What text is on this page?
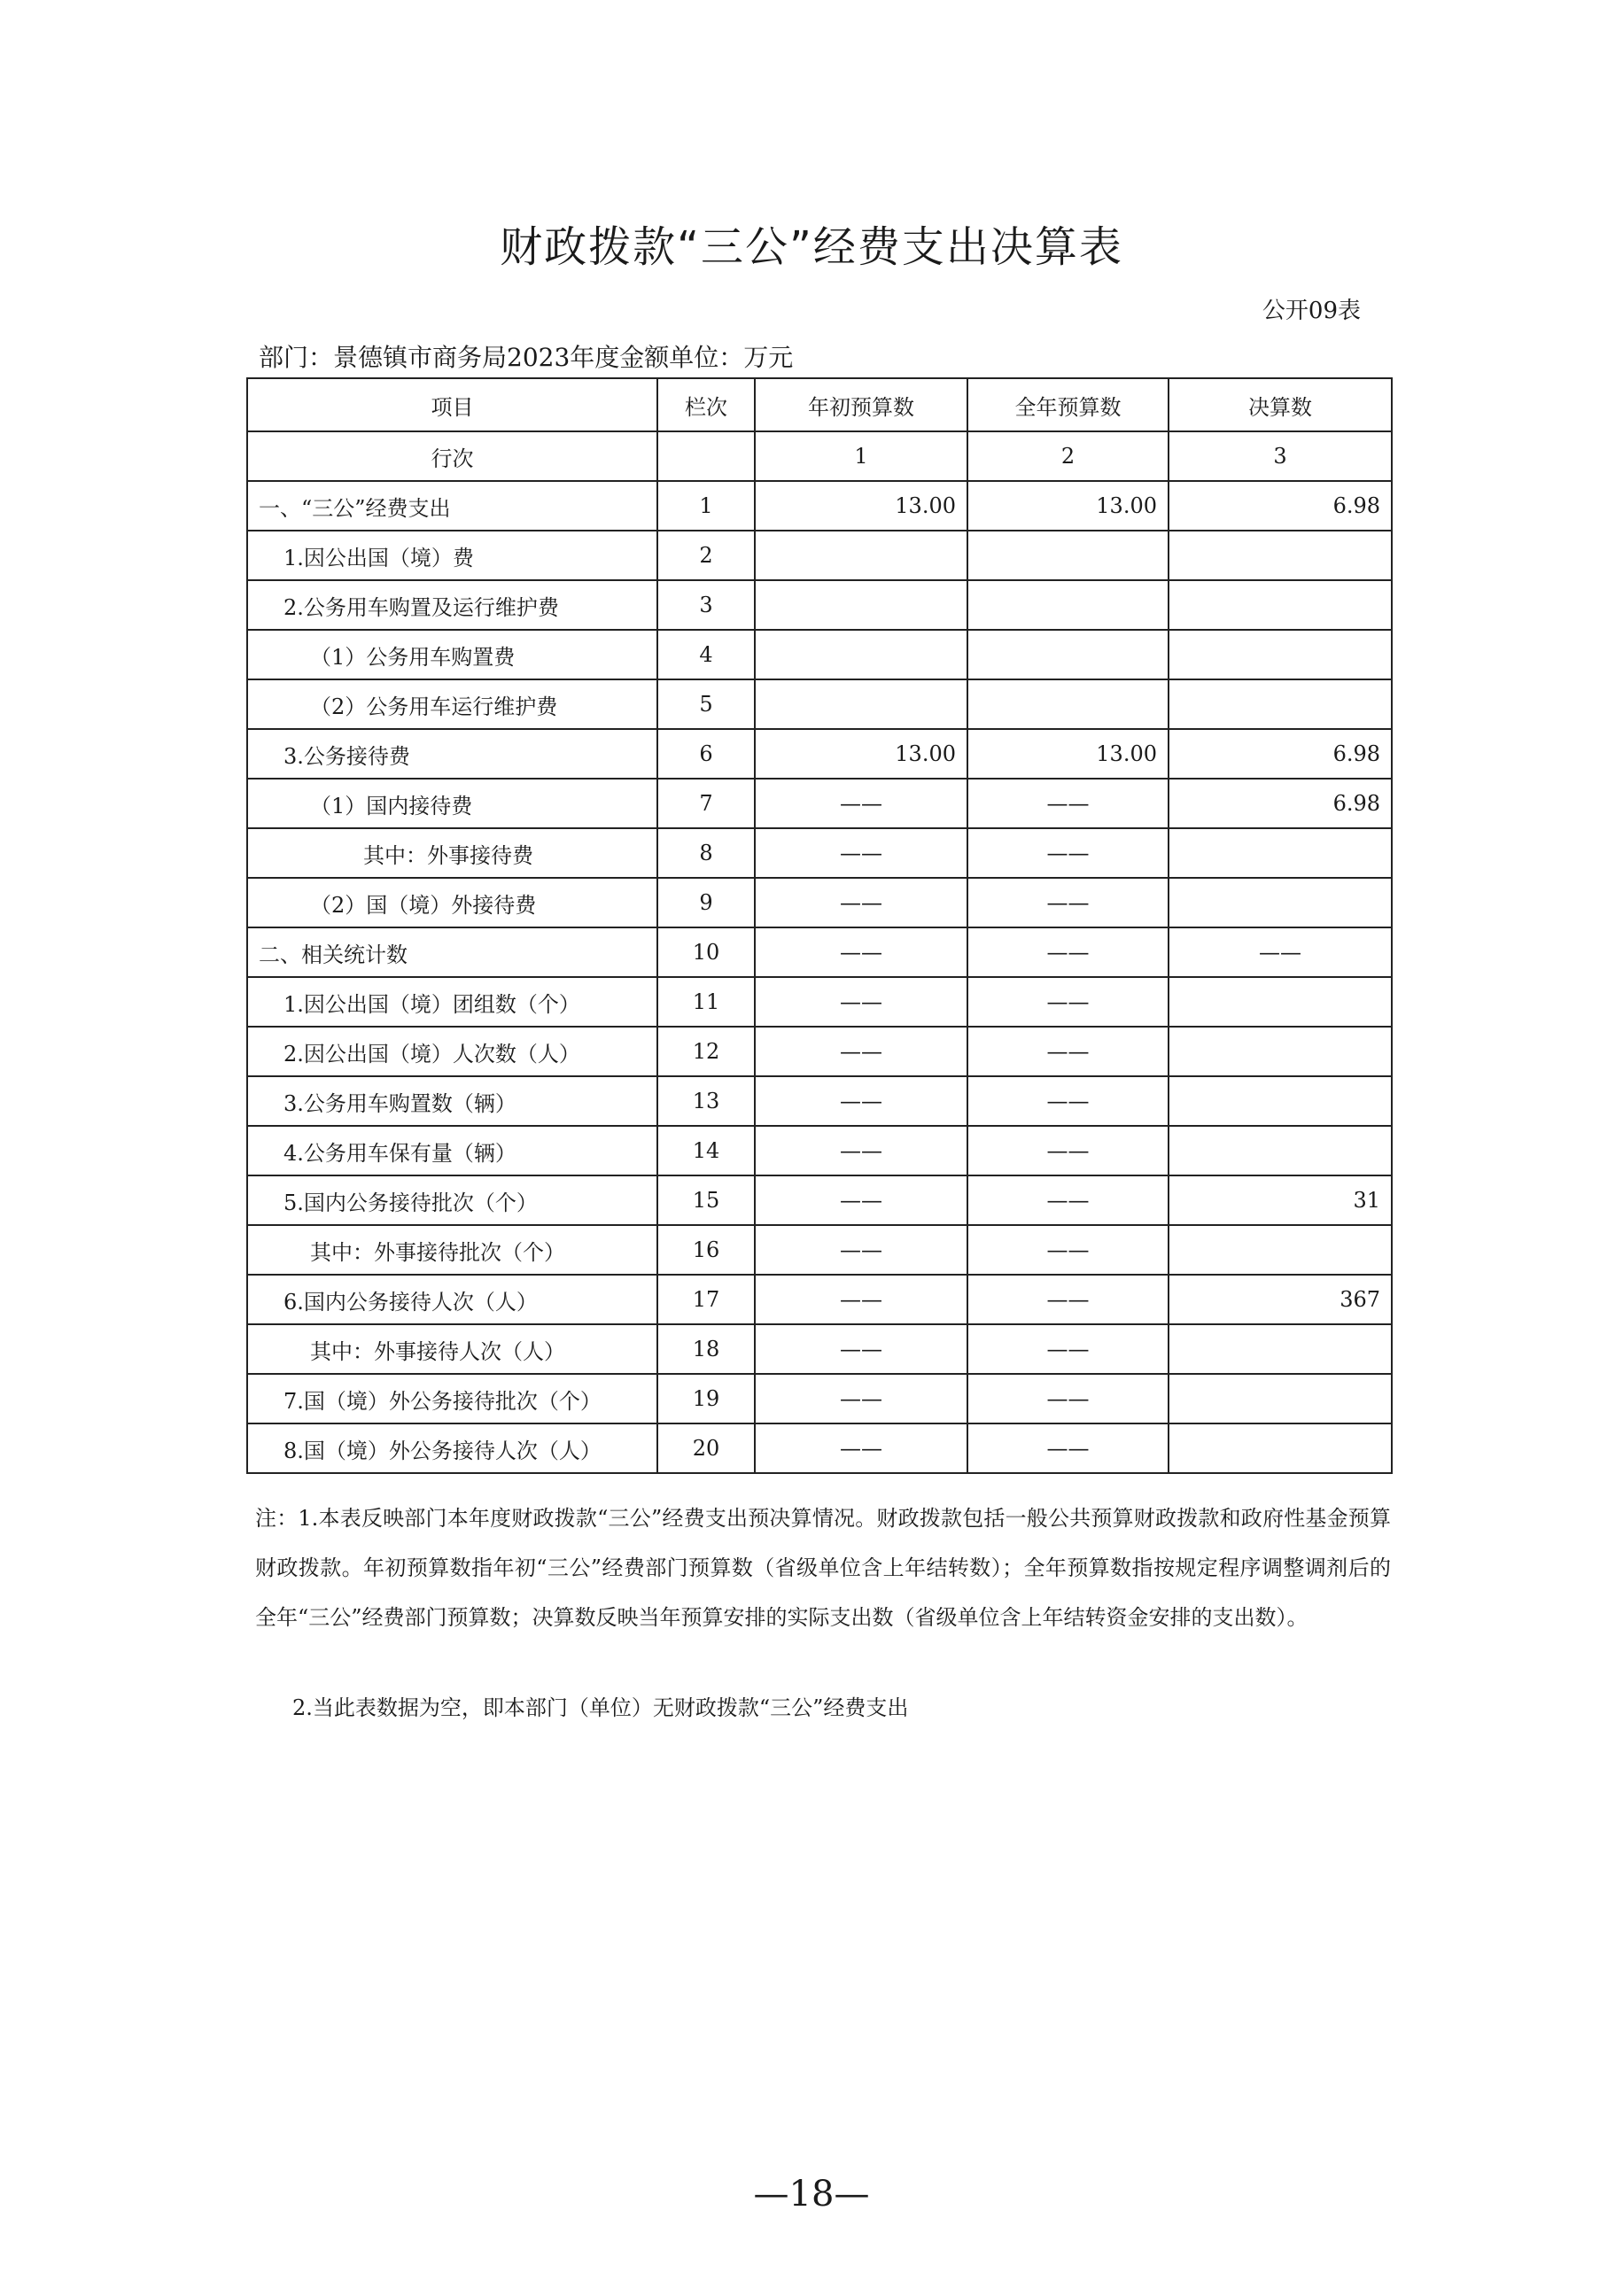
财政拨款“三公”经费支出决算表
公开09表
部门：景德镇市商务局2023年度金额单位：万元
项目	栏次	年初预算数	全年预算数	决算数
行次		1	2	3
一、“三公”经费支出	1	13.00	13.00	6.98
1.因公出国（境）费	2			
2.公务用车购置及运行维护费	3			
（1）公务用车购置费	4			
（2）公务用车运行维护费	5			
3.公务接待费	6	13.00	13.00	6.98
（1）国内接待费	7	——	——	6.98
其中：外事接待费	8	——	——	
（2）国（境）外接待费	9	——	——	
二、相关统计数	10	——	——	——
1.因公出国（境）团组数（个）	11	——	——	
2.因公出国（境）人次数（人）	12	——	——	
3.公务用车购置数（辆）	13	——	——	
4.公务用车保有量（辆）	14	——	——	
5.国内公务接待批次（个）	15	——	——	31
其中：外事接待批次（个）	16	——	——	
6.国内公务接待人次（人）	17	——	——	367
其中：外事接待人次（人）	18	——	——	
7.国（境）外公务接待批次（个）	19	——	——	
8.国（境）外公务接待人次（人）	20	——	——	
注：1.本表反映部门本年度财政拨款“三公”经费支出预决算情况。财政拨款包括一般公共预算财政拨款和政府性基金预算财政拨款。年初预算数指年初“三公”经费部门预算数（省级单位含上年结转数）；全年预算数指按规定程序调整调剂后的全年“三公”经费部门预算数；决算数反映当年预算安排的实际支出数（省级单位含上年结转资金安排的支出数）。
2.当此表数据为空，即本部门（单位）无财政拨款“三公”经费支出
—18—
